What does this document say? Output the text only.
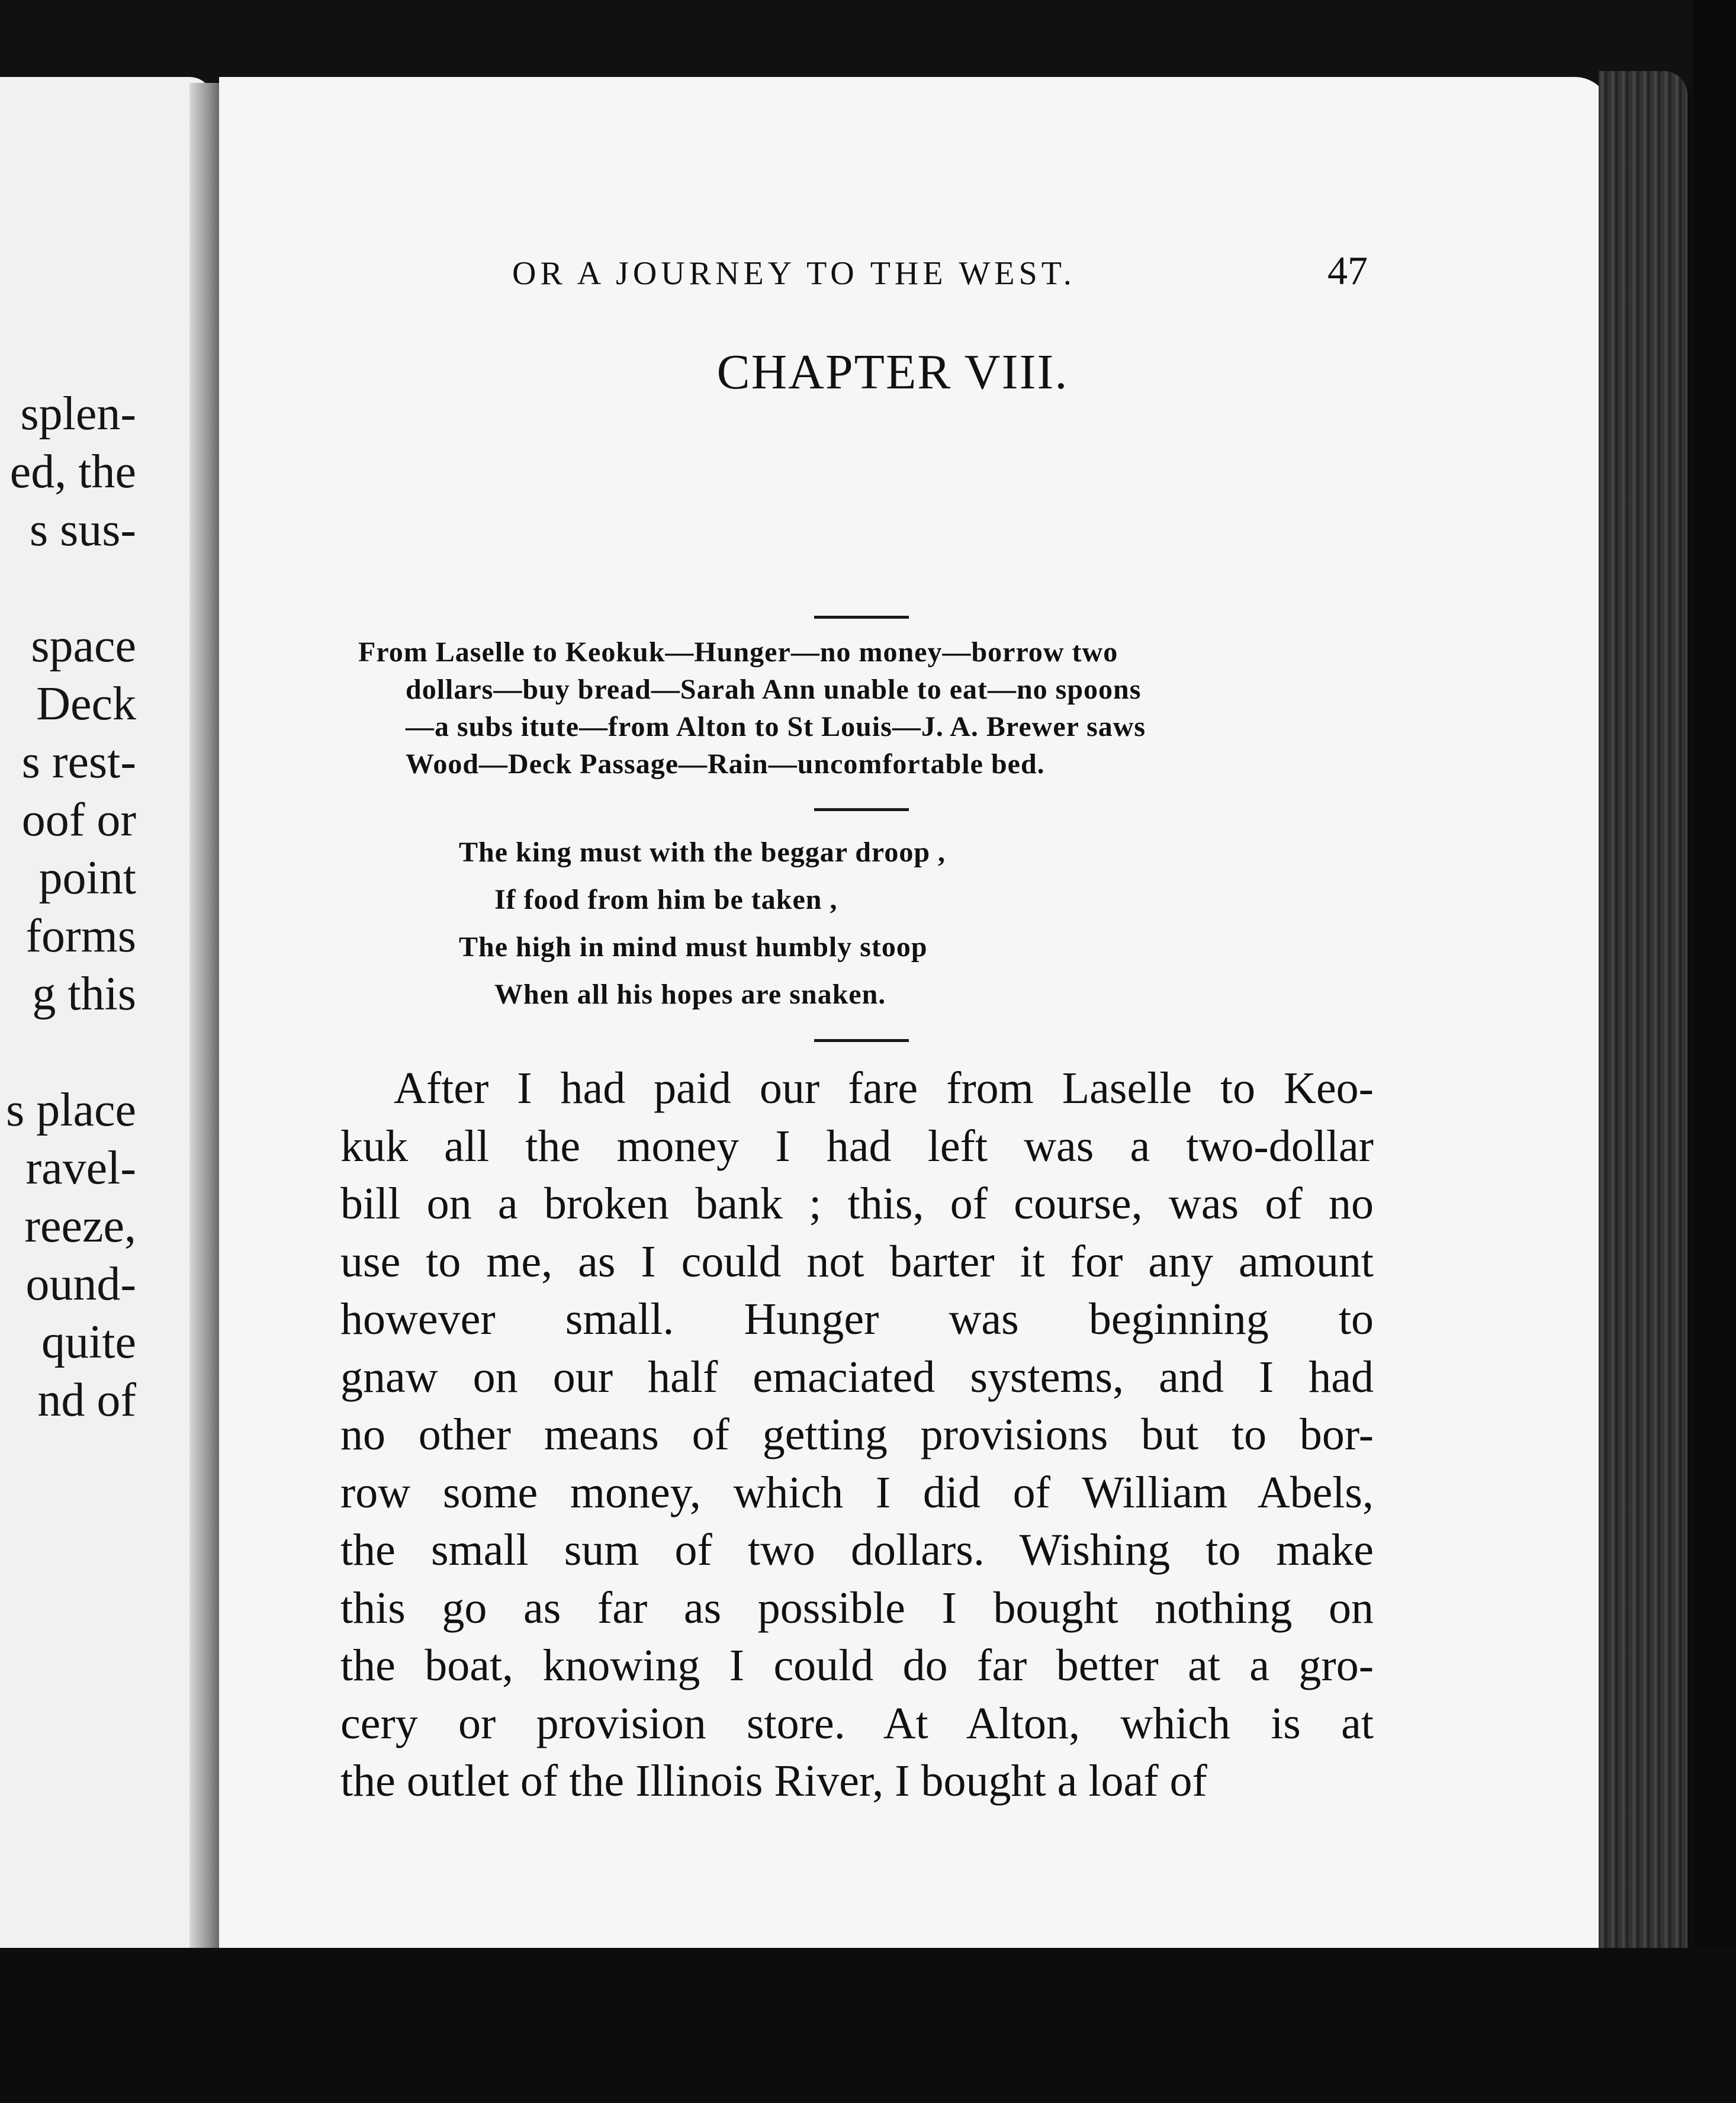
splen-
ed, the
s sus-
space
Deck
s rest-
oof or
point
forms
g this
s place
ravel-
reeze,
ound-
quite
nd of
OR A JOURNEY TO THE WEST.	47
CHAPTER VIII.
From Laselle to Keokuk—Hunger—no money—borrow two
dollars—buy bread—Sarah Ann unable to eat—no spoons
—a subs itute—from Alton to St Louis—J. A. Brewer saws
Wood—Deck Passage—Rain—uncomfortable bed.
The king must with the beggar droop ,
If food from him be taken ,
The high in mind must humbly stoop
When all his hopes are snaken.
After I had paid our fare from Laselle to Keo-
kuk all the money I had left was a two-dollar
bill on a broken bank ; this, of course, was of no
use to me, as I could not barter it for any amount
however small. Hunger was beginning to
gnaw on our half emaciated systems, and I had
no other means of getting provisions but to bor-
row some money, which I did of William Abels,
the small sum of two dollars. Wishing to make
this go as far as possible I bought nothing on
the boat, knowing I could do far better at a gro-
cery or provision store. At Alton, which is at
the outlet of the Illinois River, I bought a loaf of
